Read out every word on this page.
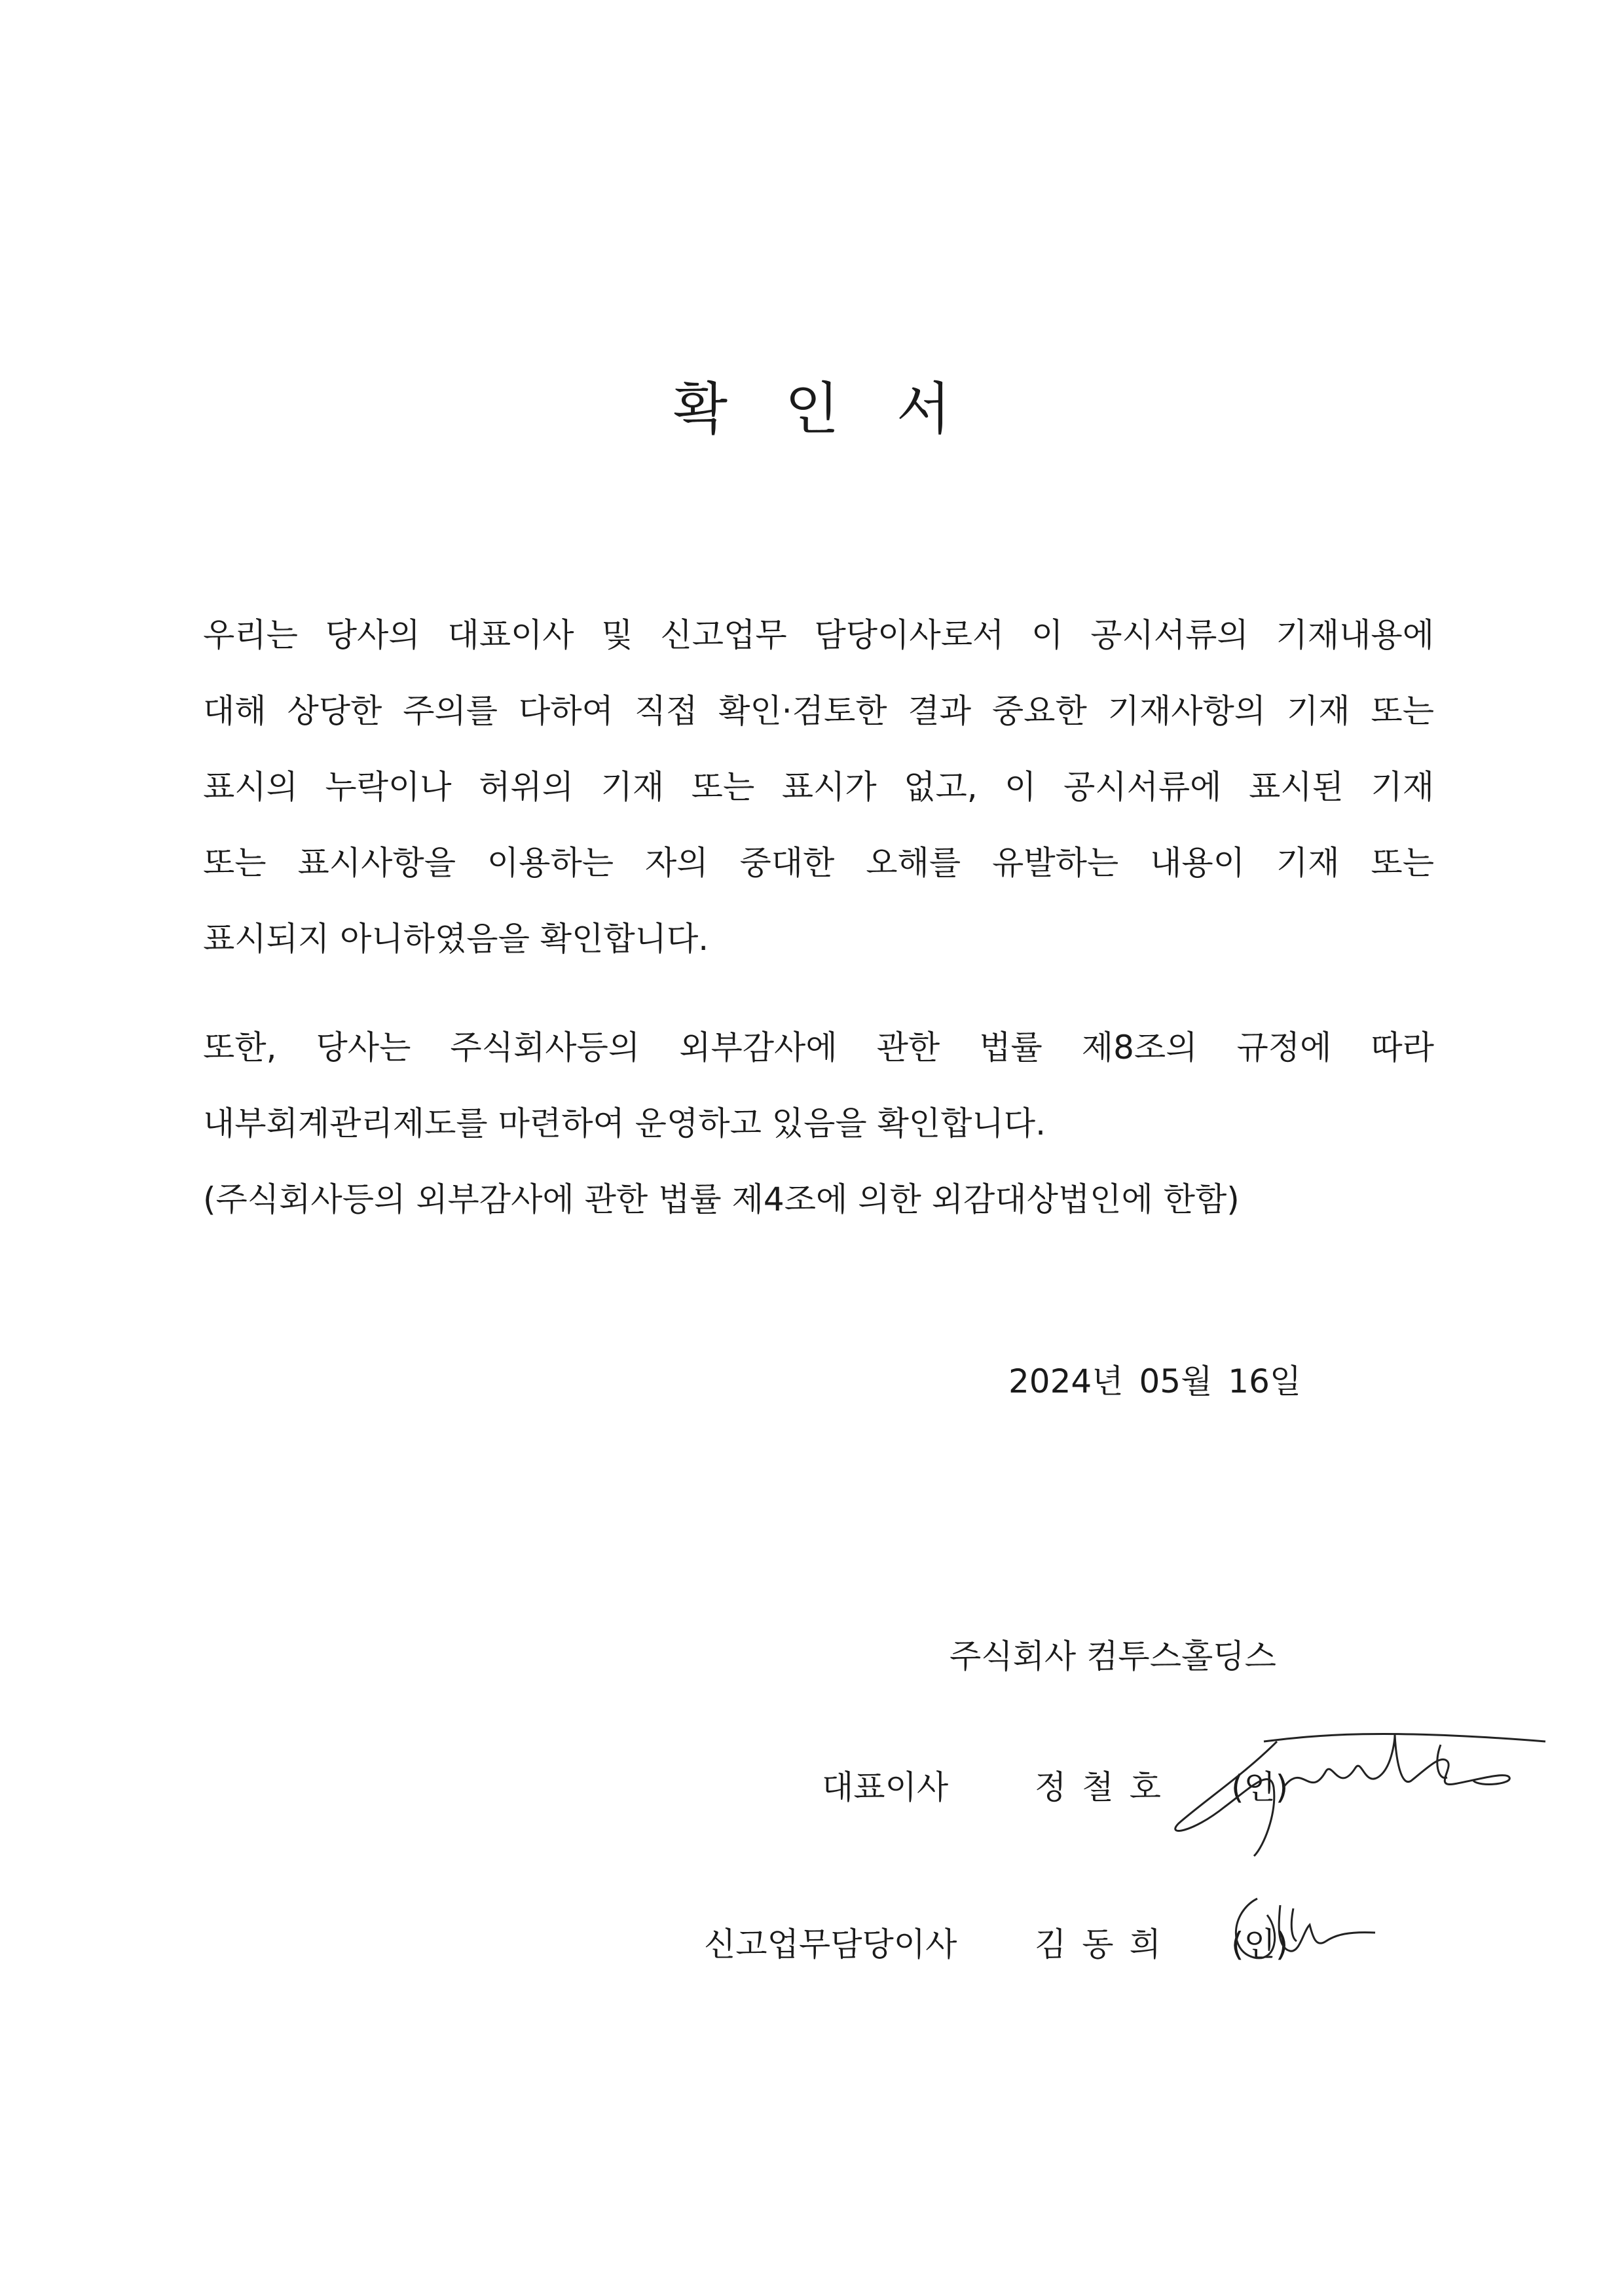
확 인 서
우리는 당사의 대표이사 및 신고업무 담당이사로서 이 공시서류의 기재내용에
대해 상당한 주의를 다하여 직접 확인·검토한 결과 중요한 기재사항의 기재 또는
표시의 누락이나 허위의 기재 또는 표시가 없고, 이 공시서류에 표시된 기재
또는 표시사항을 이용하는 자의 중대한 오해를 유발하는 내용이 기재 또는
표시되지 아니하였음을 확인합니다.
또한, 당사는 주식회사등의 외부감사에 관한 법률 제8조의 규정에 따라
내부회계관리제도를 마련하여 운영하고 있음을 확인합니다.
(주식회사등의 외부감사에 관한 법률 제4조에 의한 외감대상법인에 한함)
2024년 05월 16일
주식회사 컴투스홀딩스
대표이사	정철호 (인)
신고업무담당이사 김동희 (인)
